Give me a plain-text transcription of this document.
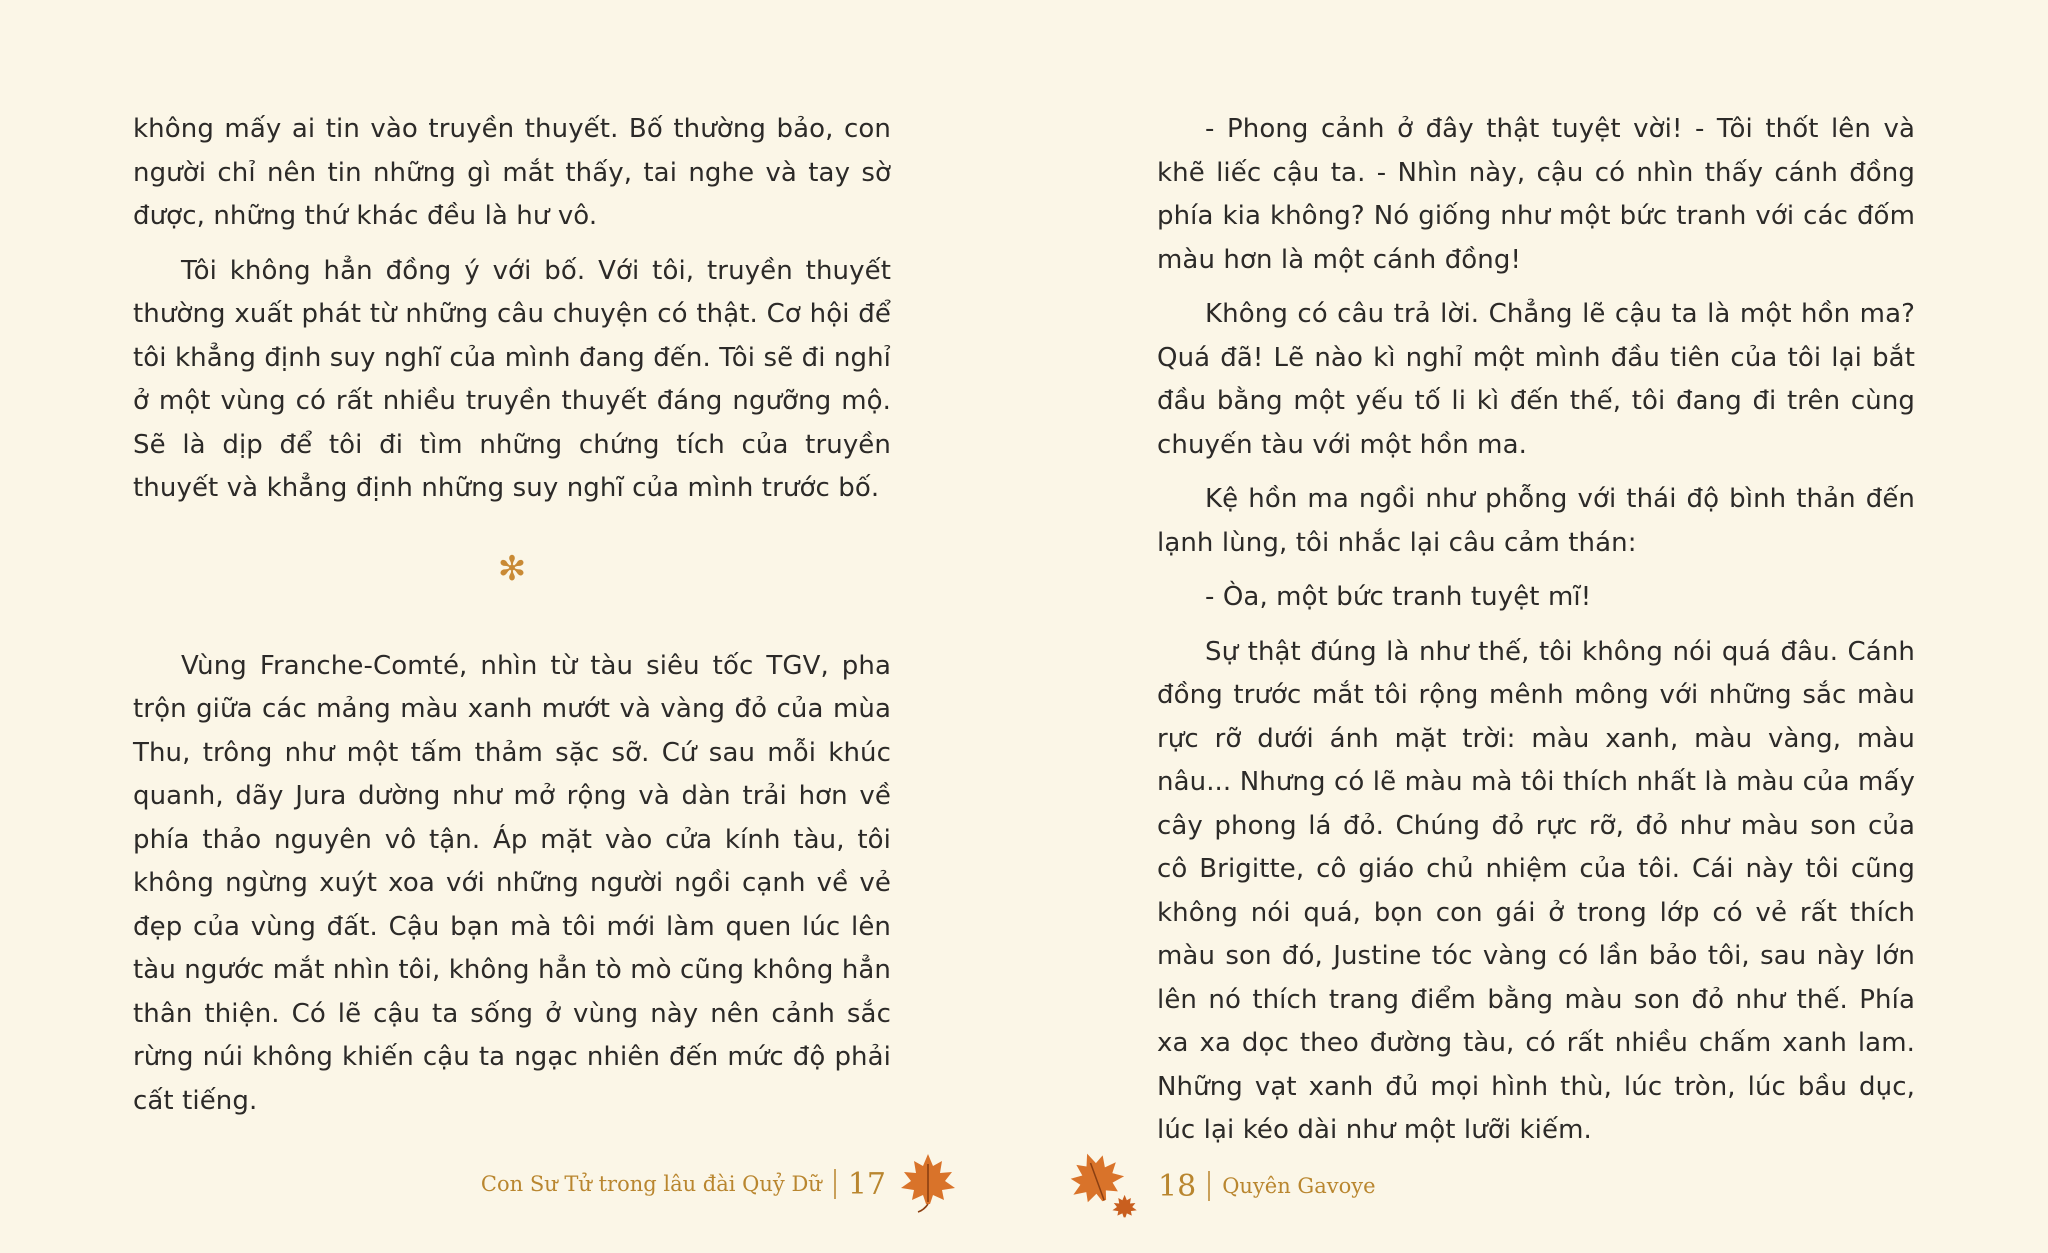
không mấy ai tin vào truyền thuyết. Bố thường bảo, con người chỉ nên tin những gì mắt thấy, tai nghe và tay sờ được, những thứ khác đều là hư vô.

Tôi không hẳn đồng ý với bố. Với tôi, truyền thuyết thường xuất phát từ những câu chuyện có thật. Cơ hội để tôi khẳng định suy nghĩ của mình đang đến. Tôi sẽ đi nghỉ ở một vùng có rất nhiều truyền thuyết đáng ngưỡng mộ. Sẽ là dịp để tôi đi tìm những chứng tích của truyền thuyết và khẳng định những suy nghĩ của mình trước bố.

✻

Vùng Franche-Comté, nhìn từ tàu siêu tốc TGV, pha trộn giữa các mảng màu xanh mướt và vàng đỏ của mùa Thu, trông như một tấm thảm sặc sỡ. Cứ sau mỗi khúc quanh, dãy Jura dường như mở rộng và dàn trải hơn về phía thảo nguyên vô tận. Áp mặt vào cửa kính tàu, tôi không ngừng xuýt xoa với những người ngồi cạnh về vẻ đẹp của vùng đất. Cậu bạn mà tôi mới làm quen lúc lên tàu ngước mắt nhìn tôi, không hẳn tò mò cũng không hẳn thân thiện. Có lẽ cậu ta sống ở vùng này nên cảnh sắc rừng núi không khiến cậu ta ngạc nhiên đến mức độ phải cất tiếng.

- Phong cảnh ở đây thật tuyệt vời! - Tôi thốt lên và khẽ liếc cậu ta. - Nhìn này, cậu có nhìn thấy cánh đồng phía kia không? Nó giống như một bức tranh với các đốm màu hơn là một cánh đồng!

Không có câu trả lời. Chẳng lẽ cậu ta là một hồn ma? Quá đã! Lẽ nào kì nghỉ một mình đầu tiên của tôi lại bắt đầu bằng một yếu tố li kì đến thế, tôi đang đi trên cùng chuyến tàu với một hồn ma.

Kệ hồn ma ngồi như phỗng với thái độ bình thản đến lạnh lùng, tôi nhắc lại câu cảm thán:

- Òa, một bức tranh tuyệt mĩ!

Sự thật đúng là như thế, tôi không nói quá đâu. Cánh đồng trước mắt tôi rộng mênh mông với những sắc màu rực rỡ dưới ánh mặt trời: màu xanh, màu vàng, màu nâu... Nhưng có lẽ màu mà tôi thích nhất là màu của mấy cây phong lá đỏ. Chúng đỏ rực rỡ, đỏ như màu son của cô Brigitte, cô giáo chủ nhiệm của tôi. Cái này tôi cũng không nói quá, bọn con gái ở trong lớp có vẻ rất thích màu son đó, Justine tóc vàng có lần bảo tôi, sau này lớn lên nó thích trang điểm bằng màu son đỏ như thế. Phía xa xa dọc theo đường tàu, có rất nhiều chấm xanh lam. Những vạt xanh đủ mọi hình thù, lúc tròn, lúc bầu dục, lúc lại kéo dài như một lưỡi kiếm.

Con Sư Tử trong lâu đài Quỷ Dữ 17	18 Quyên Gavoye
